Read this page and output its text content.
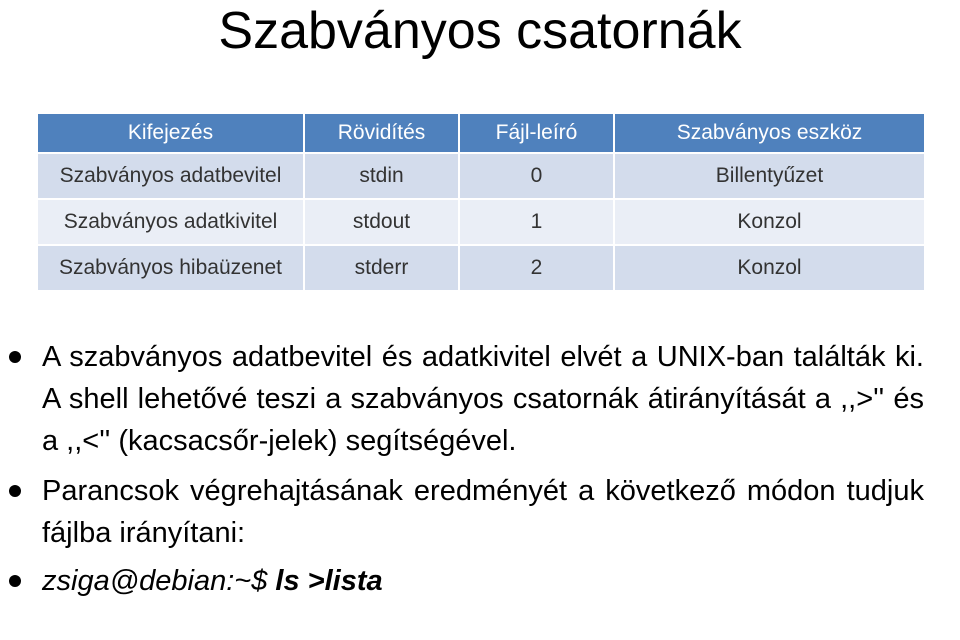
Szabványos csatornák
Kifejezés	Rövidítés	Fájl-leíró	Szabványos eszköz
Szabványos adatbevitel	stdin	0	Billentyűzet
Szabványos adatkivitel	stdout	1	Konzol
Szabványos hibaüzenet	stderr	2	Konzol
A szabványos adatbevitel és adatkivitel elvét a UNIX-ban találták ki. A shell lehetővé teszi a szabványos csatornák átirányítását a ,,>'' és a ,,<'' (kacsacsőr-jelek) segítségével.
Parancsok végrehajtásának eredményét a következő módon tudjuk fájlba irányítani:
zsiga@debian:~$ ls >lista
